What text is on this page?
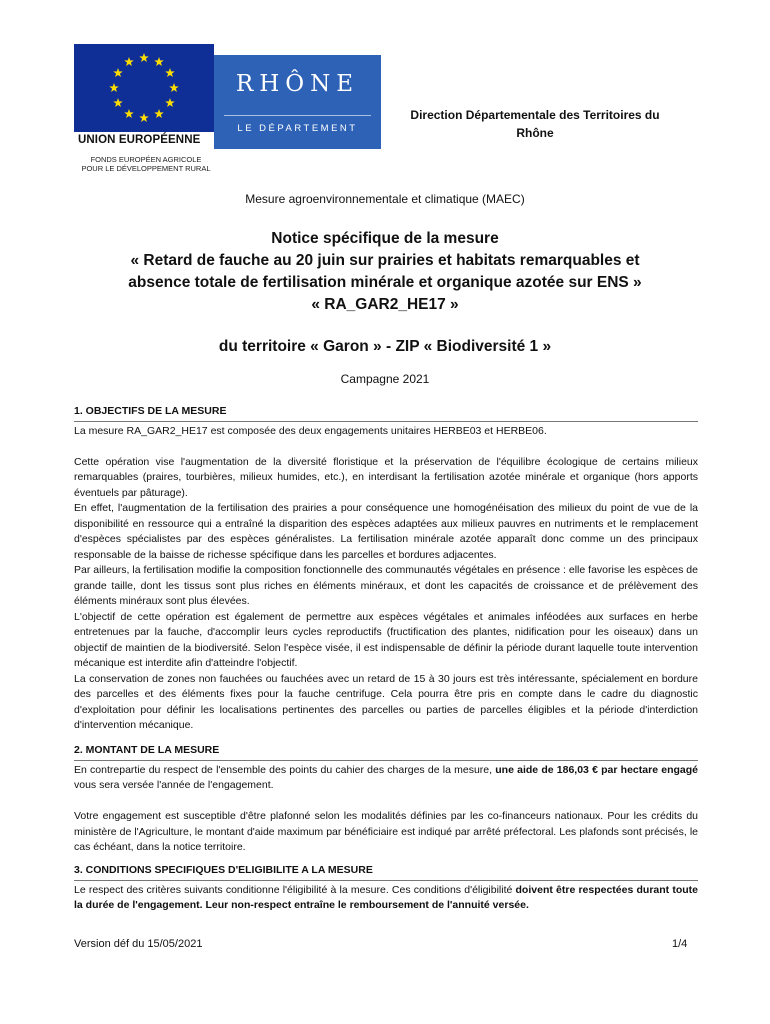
UNION EUROPÉENNE
FONDS EUROPÉEN AGRICOLE
POUR LE DÉVELOPPEMENT RURAL
RHÔNE
LE DÉPARTEMENT
Direction Départementale des Territoires du
Rhône
Mesure agroenvironnementale et climatique (MAEC)
Notice spécifique de la mesure
« Retard de fauche au 20 juin sur prairies et habitats remarquables et
absence totale de fertilisation minérale et organique azotée sur ENS »
« RA_GAR2_HE17 »
du territoire « Garon » - ZIP « Biodiversité 1 »
Campagne 2021
1. OBJECTIFS DE LA MESURE

La mesure RA_GAR2_HE17 est composée des deux engagements unitaires HERBE03 et HERBE06.

Cette opération vise l'augmentation de la diversité floristique et la préservation de l'équilibre écologique de certains milieux remarquables (praires, tourbières, milieux humides, etc.), en interdisant la fertilisation azotée minérale et organique (hors apports éventuels par pâturage).

En effet, l'augmentation de la fertilisation des prairies a pour conséquence une homogénéisation des milieux du point de vue de la disponibilité en ressource qui a entraîné la disparition des espèces adaptées aux milieux pauvres en nutriments et le remplacement d'espèces spécialistes par des espèces généralistes. La fertilisation minérale azotée apparaît donc comme un des principaux responsable de la baisse de richesse spécifique dans les parcelles et bordures adjacentes.

Par ailleurs, la fertilisation modifie la composition fonctionnelle des communautés végétales en présence : elle favorise les espèces de grande taille, dont les tissus sont plus riches en éléments minéraux, et dont les capacités de croissance et de prélèvement des éléments minéraux sont plus élevées.

L'objectif de cette opération est également de permettre aux espèces végétales et animales inféodées aux surfaces en herbe entretenues par la fauche, d'accomplir leurs cycles reproductifs (fructification des plantes, nidification pour les oiseaux) dans un objectif de maintien de la biodiversité. Selon l'espèce visée, il est indispensable de définir la période durant laquelle toute intervention mécanique est interdite afin d'atteindre l'objectif.

La conservation de zones non fauchées ou fauchées avec un retard de 15 à 30 jours est très intéressante, spécialement en bordure des parcelles et des éléments fixes pour la fauche centrifuge. Cela pourra être pris en compte dans le cadre du diagnostic d'exploitation pour définir les localisations pertinentes des parcelles ou parties de parcelles éligibles et la période d'interdiction d'intervention mécanique.

2. MONTANT DE LA MESURE

En contrepartie du respect de l'ensemble des points du cahier des charges de la mesure, une aide de 186,03 € par hectare engagé vous sera versée l'année de l'engagement.

Votre engagement est susceptible d'être plafonné selon les modalités définies par les co-financeurs nationaux. Pour les crédits du ministère de l'Agriculture, le montant d'aide maximum par bénéficiaire est indiqué par arrêté préfectoral. Les plafonds sont précisés, le cas échéant, dans la notice territoire.

3. CONDITIONS SPECIFIQUES D'ELIGIBILITE A LA MESURE

Le respect des critères suivants conditionne l'éligibilité à la mesure. Ces conditions d'éligibilité doivent être respectées durant toute la durée de l'engagement. Leur non-respect entraîne le remboursement de l'annuité versée.

Version déf du 15/05/2021	1/4
